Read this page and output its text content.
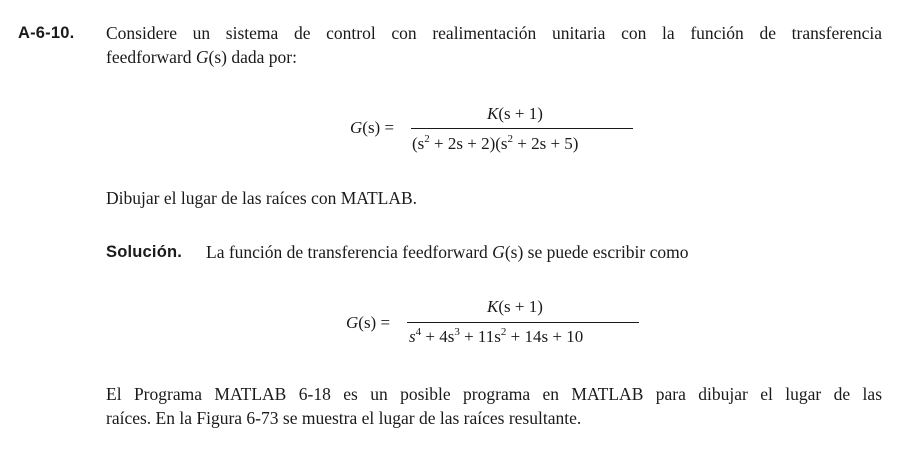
A-6-10. Considere un sistema de control con realimentación unitaria con la función de transferencia
feedforward G(s) dada por:
G(s) =
K(s + 1)
$(s^2 + 2s + 2)(s^2 + 2s + 5)$
Dibujar el lugar de las raíces con MATLAB.
Solución. La función de transferencia feedforward G(s) se puede escribir como
G(s) =
K(s + 1)
$s^4 + 4s^3 + 11s^2 + 14s + 10$
El Programa MATLAB 6-18 es un posible programa en MATLAB para dibujar el lugar de las
raíces. En la Figura 6-73 se muestra el lugar de las raíces resultante.
